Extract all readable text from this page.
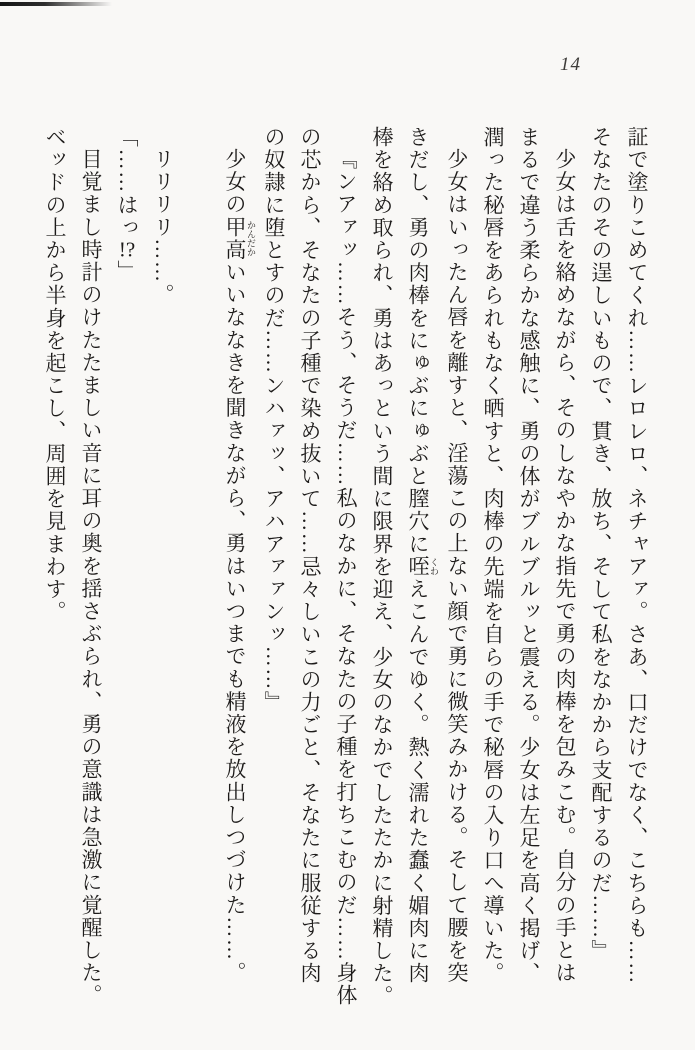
14
証で塗りこめてくれ……レロレロ、ネチャアァ。さあ、口だけでなく、こちらも……
そなたのその逞しいもので、貫き、放ち、そして私をなかから支配するのだ……』
少女は舌を絡めながら、そのしなやかな指先で勇の肉棒を包みこむ。自分の手とは
まるで違う柔らかな感触に、勇の体がブルブルッと震える。少女は左足を高く掲げ、
潤った秘唇をあられもなく晒すと、肉棒の先端を自らの手で秘唇の入り口へ導いた。
少女はいったん唇を離すと、淫蕩この上ない顔で勇に微笑みかける。そして腰を突
きだし、勇の肉棒をにゅぶにゅぶと膣穴に咥 くわえこんでゆく。熱く濡れた蠢く媚肉に肉
棒を絡め取られ、勇はあっという間に限界を迎え、少女のなかでしたたかに射精した。
『ンアァッ……そう、そうだ……私のなかに、そなたの子種を打ちこむのだ……身体
の芯から、そなたの子種で染め抜いて……忌々しいこの力ごと、そなたに服従する肉
の奴隷に堕とすのだ……ンハァッ、アハアァァンッ……』
少女の甲高 かんだかいいななきを聞きながら、勇はいつまでも精液を放出しつづけた……。
リリリリ……。
「……はっ!?」
目覚まし時計のけたたましい音に耳の奥を揺さぶられ、勇の意識は急激に覚醒した。
ベッドの上から半身を起こし、周囲を見まわす。
